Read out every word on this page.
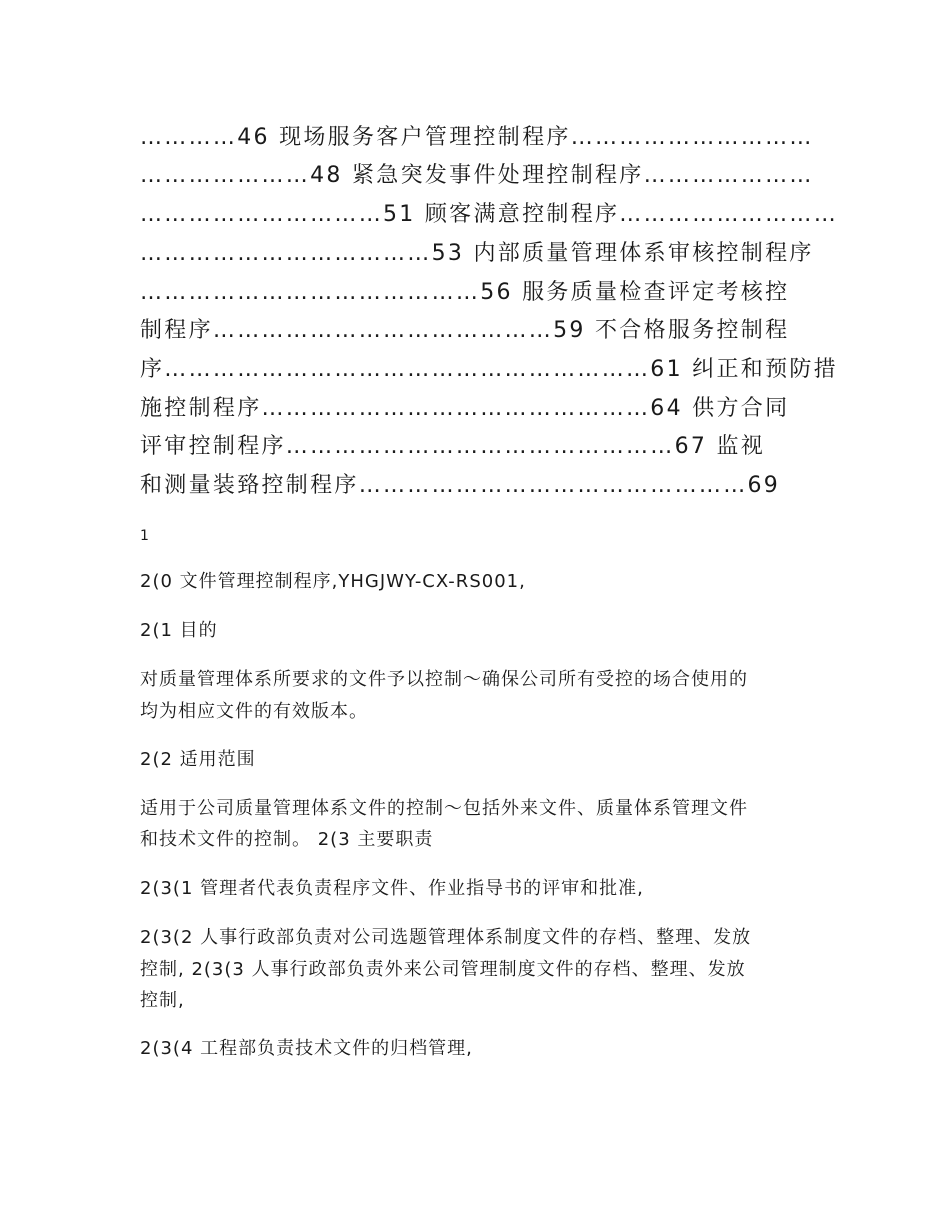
…………46 现场服务客户管理控制程序…………………………
…………………48 紧急突发事件处理控制程序…………………
…………………………51 顾客满意控制程序………………………
………………………………53 内部质量管理体系审核控制程序
……………………………………56 服务质量检查评定考核控
制程序……………………………………59 不合格服务控制程
序……………………………………………………61 纠正和预防措
施控制程序…………………………………………64 供方合同
评审控制程序…………………………………………67 监视
和测量装臵控制程序…………………………………………69
1
2(0 文件管理控制程序,YHGJWY-CX-RS001,
2(1 目的
对质量管理体系所要求的文件予以控制～确保公司所有受控的场合使用的
均为相应文件的有效版本。
2(2 适用范围
适用于公司质量管理体系文件的控制～包括外来文件、质量体系管理文件
和技术文件的控制。 2(3 主要职责
2(3(1 管理者代表负责程序文件、作业指导书的评审和批准,
2(3(2 人事行政部负责对公司选题管理体系制度文件的存档、整理、发放
控制, 2(3(3 人事行政部负责外来公司管理制度文件的存档、整理、发放
控制,
2(3(4 工程部负责技术文件的归档管理,
